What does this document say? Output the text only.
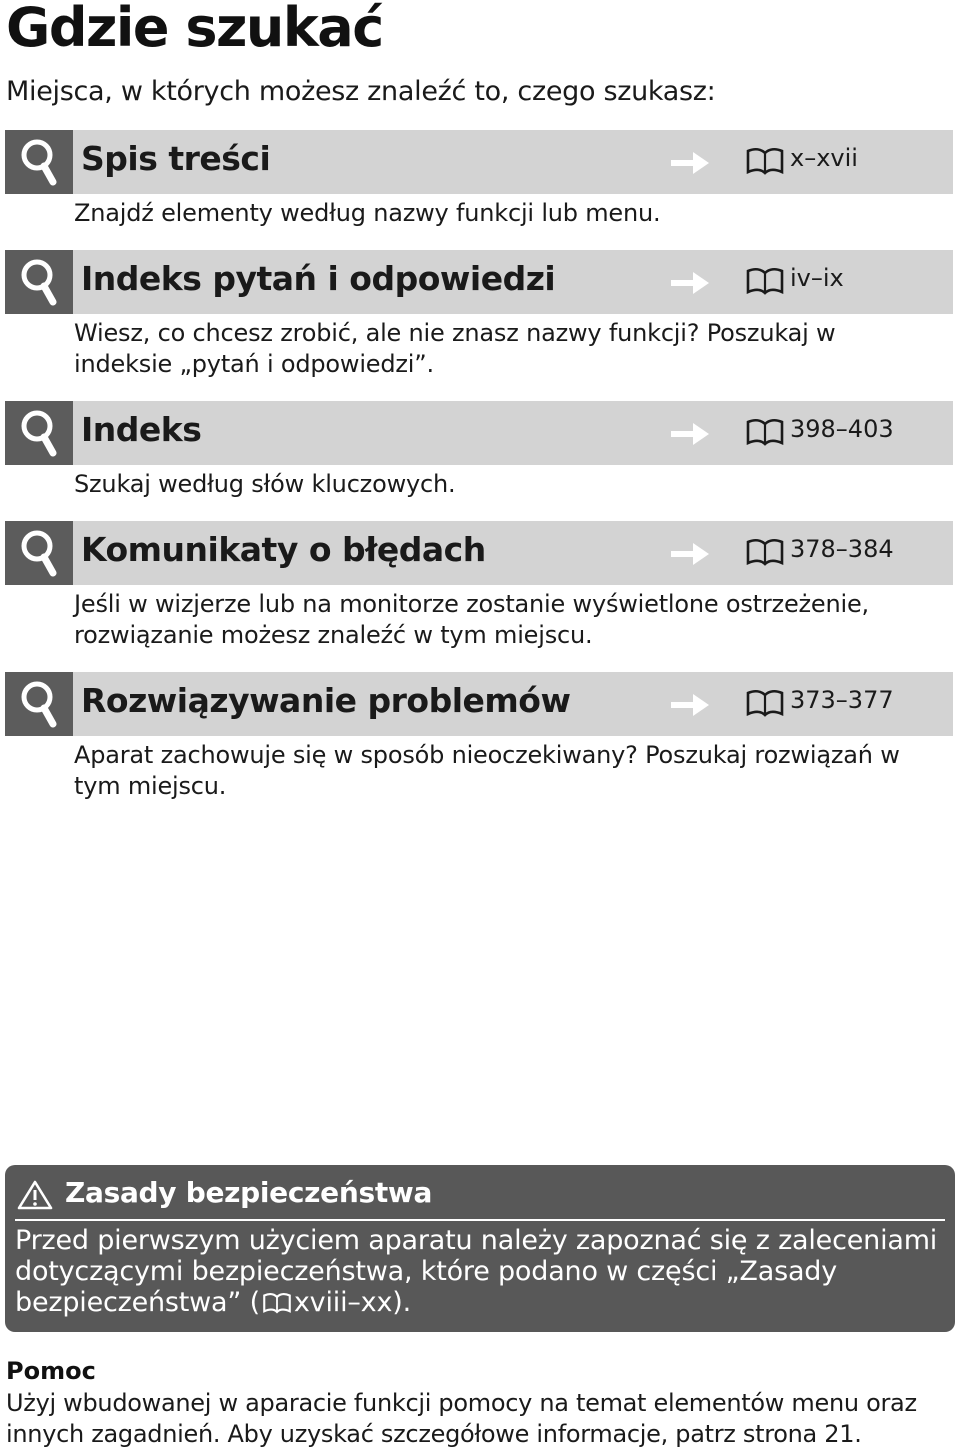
Gdzie szukać
Miejsca, w których możesz znaleźć to, czego szukasz:
Spis treści	x–xvii
Znajdź elementy według nazwy funkcji lub menu.
Indeks pytań i odpowiedzi	iv–ix
Wiesz, co chcesz zrobić, ale nie znasz nazwy funkcji? Poszukaj w indeksie „pytań i odpowiedzi”.
Indeks	398–403
Szukaj według słów kluczowych.
Komunikaty o błędach	378–384
Jeśli w wizjerze lub na monitorze zostanie wyświetlone ostrzeżenie, rozwiązanie możesz znaleźć w tym miejscu.
Rozwiązywanie problemów	373–377
Aparat zachowuje się w sposób nieoczekiwany? Poszukaj rozwiązań w tym miejscu.
Zasady bezpieczeństwa
Przed pierwszym użyciem aparatu należy zapoznać się z zaleceniami dotyczącymi bezpieczeństwa, które podano w części „Zasady bezpieczeństwa” ( xviii–xx).
Pomoc
Użyj wbudowanej w aparacie funkcji pomocy na temat elementów menu oraz innych zagadnień. Aby uzyskać szczegółowe informacje, patrz strona 21.
